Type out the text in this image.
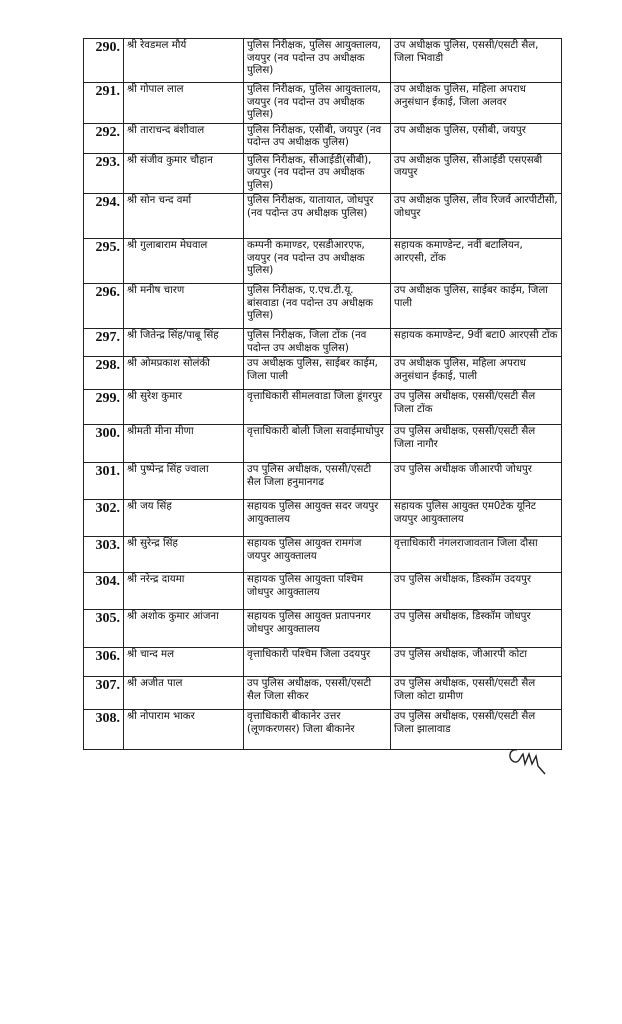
290.	श्री रेवडमल मौर्य	पुलिस निरीक्षक, पुलिस आयुक्तालय, जयपुर (नव पदोन्त उप अधीक्षक पुलिस)	उप अधीक्षक पुलिस, एससी/एसटी सैल, जिला भिवाडी
291.	श्री गोपाल लाल	पुलिस निरीक्षक, पुलिस आयुक्तालय, जयपुर (नव पदोन्त उप अधीक्षक पुलिस)	उप अधीक्षक पुलिस, महिला अपराध अनुसंधान ईकाई, जिला अलवर
292.	श्री ताराचन्द बंशीवाल	पुलिस निरीक्षक, एसीबी, जयपुर (नव पदोन्त उप अधीक्षक पुलिस)	उप अधीक्षक पुलिस, एसीबी, जयपुर
293.	श्री संजीव कुमार चौहान	पुलिस निरीक्षक, सीआईडी(सीबी), जयपुर (नव पदोन्त उप अधीक्षक पुलिस)	उप अधीक्षक पुलिस, सीआईडी एसएसबी जयपुर
294.	श्री सोन चन्द वर्मा	पुलिस निरीक्षक, यातायात, जोधपुर (नव पदोन्त उप अधीक्षक पुलिस)	उप अधीक्षक पुलिस, लीव रिजर्व आरपीटीसी, जोधपुर
295.	श्री गुलाबाराम मेघवाल	कम्पनी कमाण्डर, एसडीआरएफ, जयपुर (नव पदोन्त उप अधीक्षक पुलिस)	सहायक कमाण्डेन्ट, नवीं बटालियन, आरएसी, टोंक
296.	श्री मनीष चारण	पुलिस निरीक्षक, ए.एच.टी.यू. बांसवाडा (नव पदोन्त उप अधीक्षक पुलिस)	उप अधीक्षक पुलिस, साईबर काईम, जिला पाली
297.	श्री जितेन्द्र सिंह/पाबू सिंह	पुलिस निरीक्षक, जिला टोंक (नव पदोन्त उप अधीक्षक पुलिस)	सहायक कमाण्डेन्ट, 9वीं बटा0 आरएसी टोंक
298.	श्री ओमप्रकाश सोलंकी	उप अधीक्षक पुलिस, साईबर काईम, जिला पाली	उप अधीक्षक पुलिस, महिला अपराध अनुसंधान ईकाई, पाली
299.	श्री सुरेश कुमार	वृत्ताधिकारी सीमलवाडा जिला डूंगरपुर	उप पुलिस अधीक्षक, एससी/एसटी सैल जिला टोंक
300.	श्रीमती मीना मीणा	वृत्ताधिकारी बोली जिला सवाईमाधोपुर	उप पुलिस अधीक्षक, एससी/एसटी सैल जिला नागौर
301.	श्री पुष्पेन्द्र सिंह ज्वाला	उप पुलिस अधीक्षक, एससी/एसटी सैल जिला हनुमानगढ	उप पुलिस अधीक्षक जीआरपी जोधपुर
302.	श्री जय सिंह	सहायक पुलिस आयुक्त सदर जयपुर आयुक्तालय	सहायक पुलिस आयुक्त एम0टेक यूनिट जयपुर आयुक्तालय
303.	श्री सुरेन्द्र सिंह	सहायक पुलिस आयुक्त रामगंज जयपुर आयुक्तालय	वृत्ताधिकारी नंगलराजावतान जिला दौसा
304.	श्री नरेन्द्र दायमा	सहायक पुलिस आयुक्ता पश्चिम जोधपुर आयुक्तालय	उप पुलिस अधीक्षक, डिस्कॉम उदयपुर
305.	श्री अशोक कुमार आंजना	सहायक पुलिस आयुक्त प्रतापनगर जोधपुर आयुक्तालय	उप पुलिस अधीक्षक, डिस्कॉम जोधपुर
306.	श्री चान्द मल	वृत्ताधिकारी पश्चिम जिला उदयपुर	उप पुलिस अधीक्षक, जीआरपी कोटा
307.	श्री अजीत पाल	उप पुलिस अधीक्षक, एससी/एसटी सैल जिला सीकर	उप पुलिस अधीक्षक, एससी/एसटी सैल जिला कोटा ग्रामीण
308.	श्री नोपाराम भाकर	वृत्ताधिकारी बीकानेर उत्तर (लूणकरणसर) जिला बीकानेर	उप पुलिस अधीक्षक, एससी/एसटी सैल जिला झालावाड
